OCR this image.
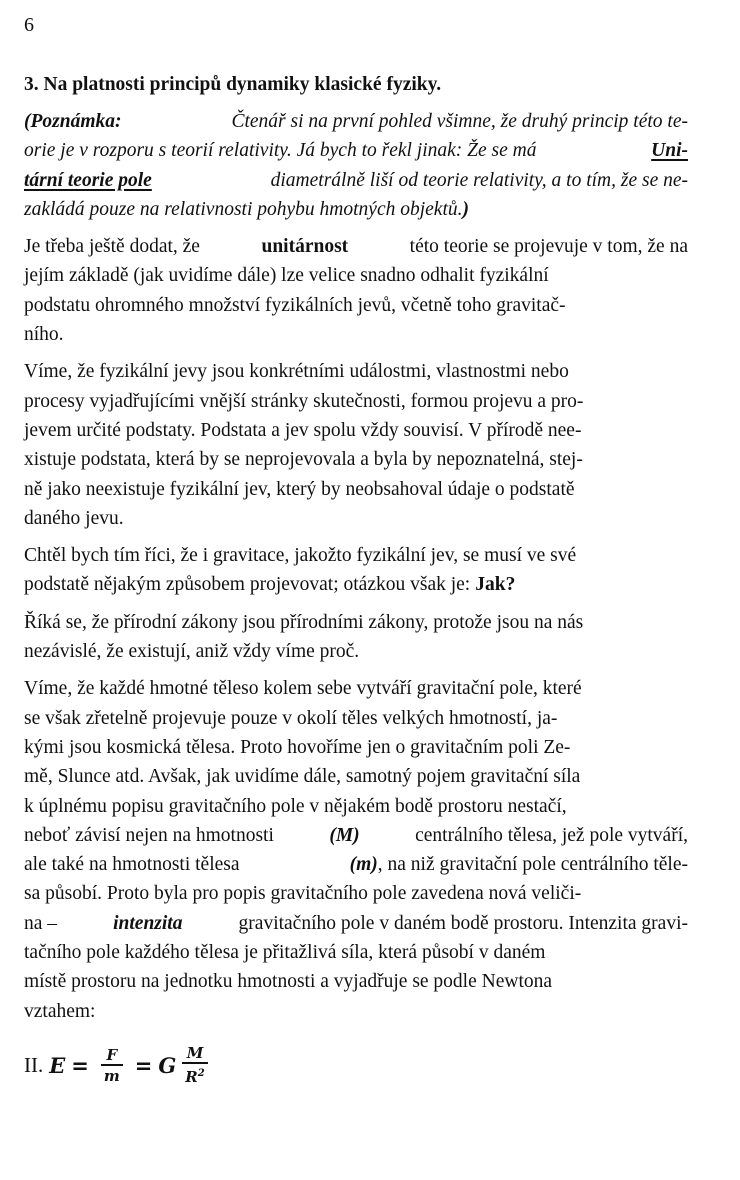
6
3. Na platnosti principů dynamiky klasické fyziky.
(Poznámka:	Čtenář si na první pohled všimne, že druhý princip této te-
orie je v rozporu s teorií relativity. Já bych to řekl jinak: Že se má	Uni-
tární teorie pole	diametrálně liší od teorie relativity, a to tím, že se ne-
zakládá pouze na relativnosti pohybu hmotných objektů. )
Je třeba ještě dodat, že	unitárnost	této teorie se projevuje v tom, že na
jejím základě (jak uvidíme dále) lze velice snadno odhalit fyzikální
podstatu ohromného množství fyzikálních jevů, včetně toho gravitač-
ního.
Víme, že fyzikální jevy jsou konkrétními událostmi, vlastnostmi nebo
procesy vyjadřujícími vnější stránky skutečnosti, formou projevu a pro-
jevem určité podstaty. Podstata a jev spolu vždy souvisí. V přírodě nee-
xistuje podstata, která by se neprojevovala a byla by nepoznatelná, stej-
ně jako neexistuje fyzikální jev, který by neobsahoval údaje o podstatě
daného jevu.
Chtěl bych tím říci, že i gravitace, jakožto fyzikální jev, se musí ve své
podstatě nějakým způsobem projevovat; otázkou však je: Jak?
Říká se, že přírodní zákony jsou přírodními zákony, protože jsou na nás
nezávislé, že existují, aniž vždy víme proč.
Víme, že každé hmotné těleso kolem sebe vytváří gravitační pole, které
se však zřetelně projevuje pouze v okolí těles velkých hmotností, ja-
kými jsou kosmická tělesa. Proto hovoříme jen o gravitačním poli Ze-
mě, Slunce atd. Avšak, jak uvidíme dále, samotný pojem gravitační síla
k úplnému popisu gravitačního pole v nějakém bodě prostoru nestačí,
neboť závisí nejen na hmotnosti	(M)	centrálního tělesa, jež pole vytváří,
ale také na hmotnosti tělesa	(m) , na niž gravitační pole centrálního těle-
sa působí. Proto byla pro popis gravitačního pole zavedena nová veliči-
na –	intenzita	gravitačního pole v daném bodě prostoru. Intenzita gravi-
tačního pole každého tělesa je přitažlivá síla, která působí v daném
místě prostoru na jednotku hmotnosti a vyjadřuje se podle Newtona
vztahem:
II. $E = \frac{F}{m} = G \frac{M}{R^2}$
